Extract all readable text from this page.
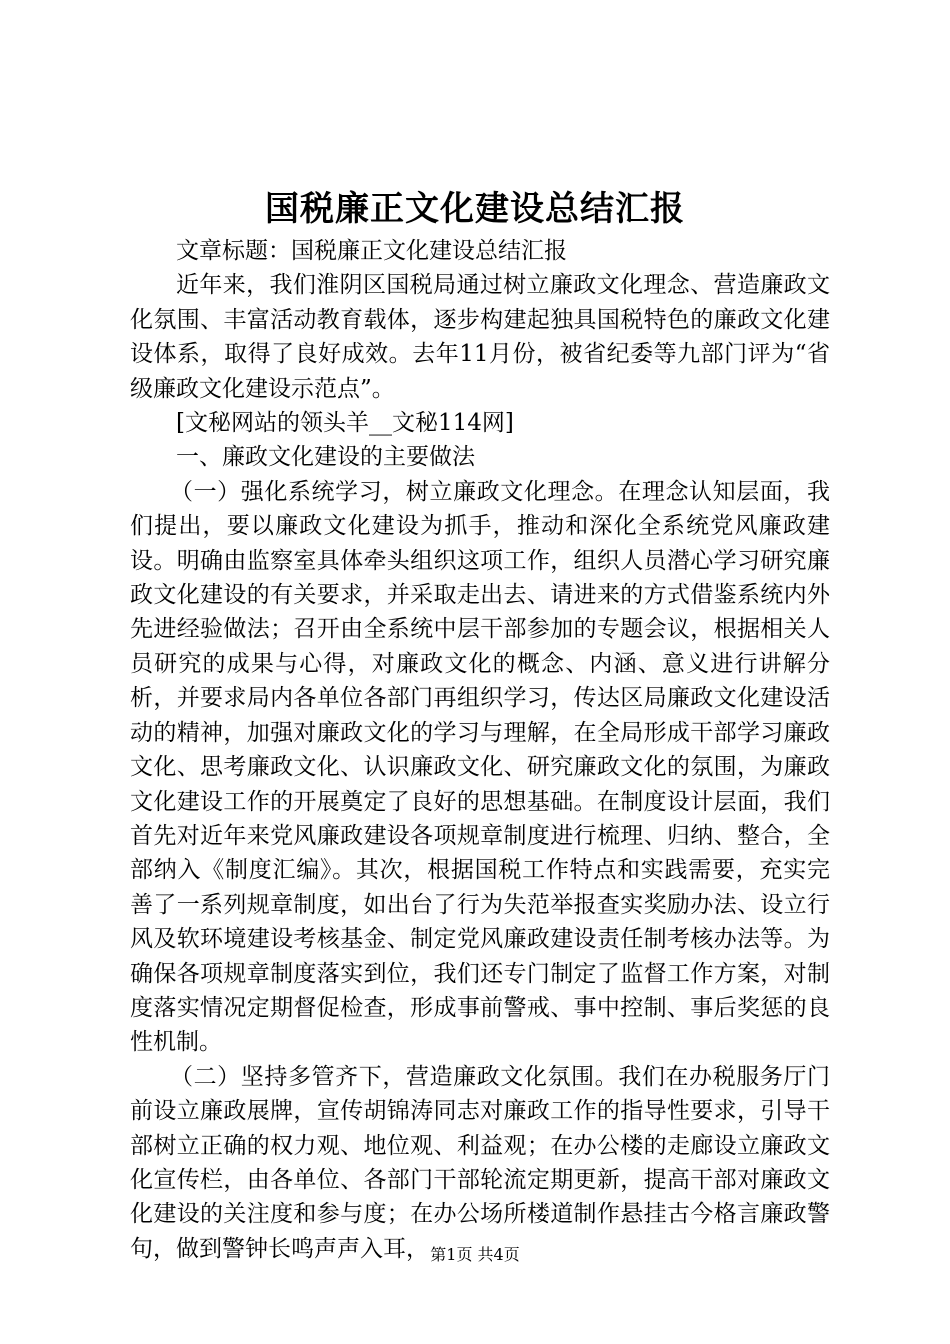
国税廉正文化建设总结汇报

文章标题：国税廉正文化建设总结汇报

近年来，我们淮阴区国税局通过树立廉政文化理念、营造廉政文化氛围、丰富活动教育载体，逐步构建起独具国税特色的廉政文化建设体系，取得了良好成效。去年11月份，被省纪委等九部门评为“省级廉政文化建设示范点”。

[文秘网站的领头羊__文秘114网]

一、廉政文化建设的主要做法

（一）强化系统学习，树立廉政文化理念。在理念认知层面，我们提出，要以廉政文化建设为抓手，推动和深化全系统党风廉政建设。明确由监察室具体牵头组织这项工作，组织人员潜心学习研究廉政文化建设的有关要求，并采取走出去、请进来的方式借鉴系统内外先进经验做法；召开由全系统中层干部参加的专题会议，根据相关人员研究的成果与心得，对廉政文化的概念、内涵、意义进行讲解分析，并要求局内各单位各部门再组织学习，传达区局廉政文化建设活动的精神，加强对廉政文化的学习与理解，在全局形成干部学习廉政文化、思考廉政文化、认识廉政文化、研究廉政文化的氛围，为廉政文化建设工作的开展奠定了良好的思想基础。在制度设计层面，我们首先对近年来党风廉政建设各项规章制度进行梳理、归纳、整合，全部纳入《制度汇编》。其次，根据国税工作特点和实践需要，充实完善了一系列规章制度，如出台了行为失范举报查实奖励办法、设立行风及软环境建设考核基金、制定党风廉政建设责任制考核办法等。为确保各项规章制度落实到位，我们还专门制定了监督工作方案，对制度落实情况定期督促检查，形成事前警戒、事中控制、事后奖惩的良性机制。

（二）坚持多管齐下，营造廉政文化氛围。我们在办税服务厅门前设立廉政展牌，宣传胡锦涛同志对廉政工作的指导性要求，引导干部树立正确的权力观、地位观、利益观；在办公楼的走廊设立廉政文化宣传栏，由各单位、各部门干部轮流定期更新，提高干部对廉政文化建设的关注度和参与度；在办公场所楼道制作悬挂古今格言廉政警句，做到警钟长鸣声声入耳， 第1页 共4页
